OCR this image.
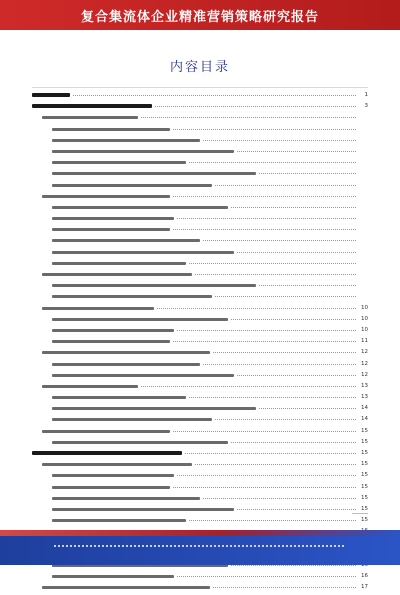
复合集流体企业精准营销策略研究报告
内容目录
1
3
10
10
10
11
12
12
12
13
13
14
14
15
15
15
15
15
15
15
15
15
16
17
